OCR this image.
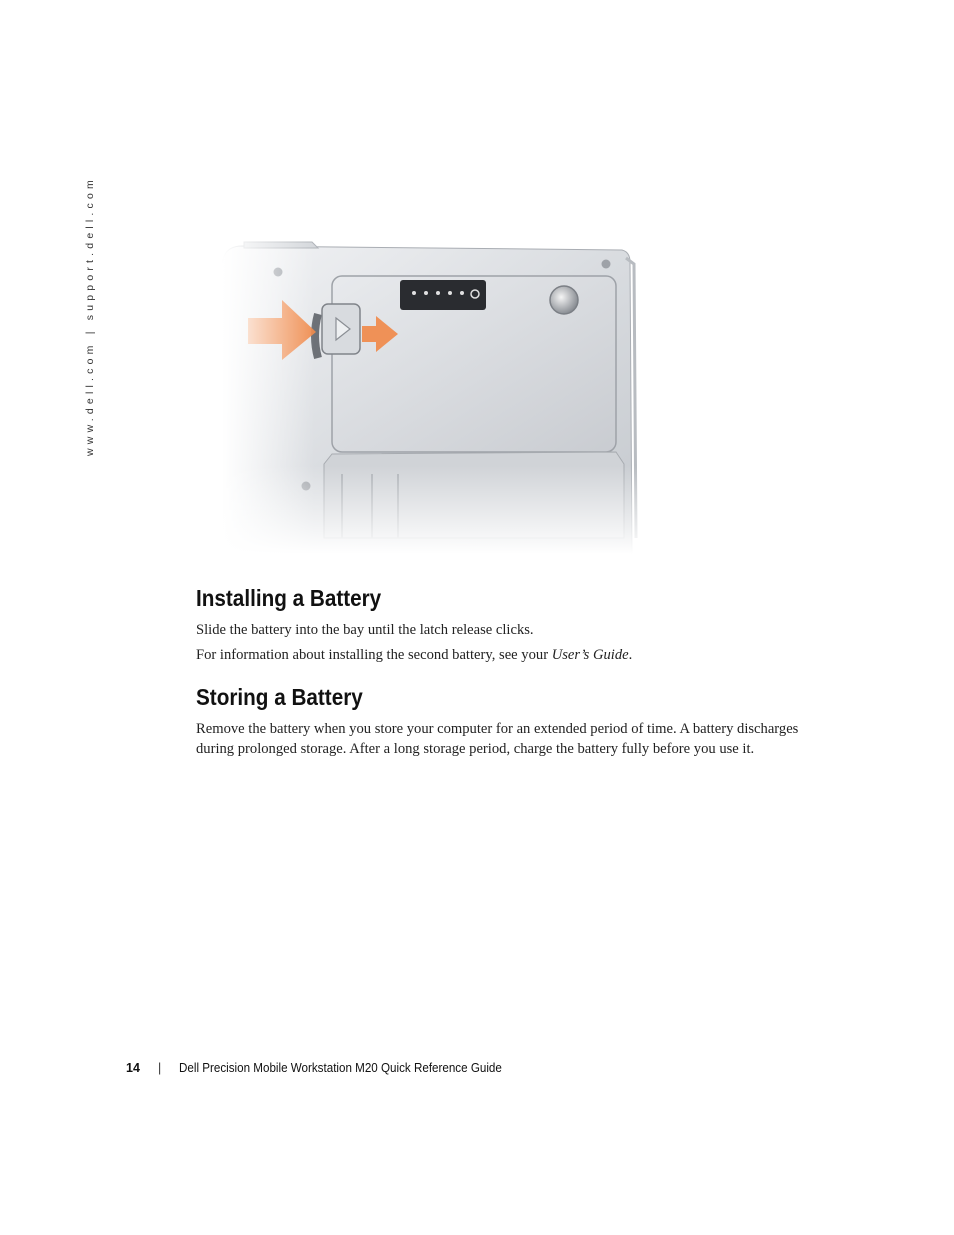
www.dell.com | support.dell.com
Installing a Battery

Slide the battery into the bay until the latch release clicks.

For information about installing the second battery, see your User’s Guide.

Storing a Battery

Remove the battery when you store your computer for an extended period of time. A battery discharges during prolonged storage. After a long storage period, charge the battery fully before you use it.

14 | Dell Precision Mobile Workstation M20 Quick Reference Guide
